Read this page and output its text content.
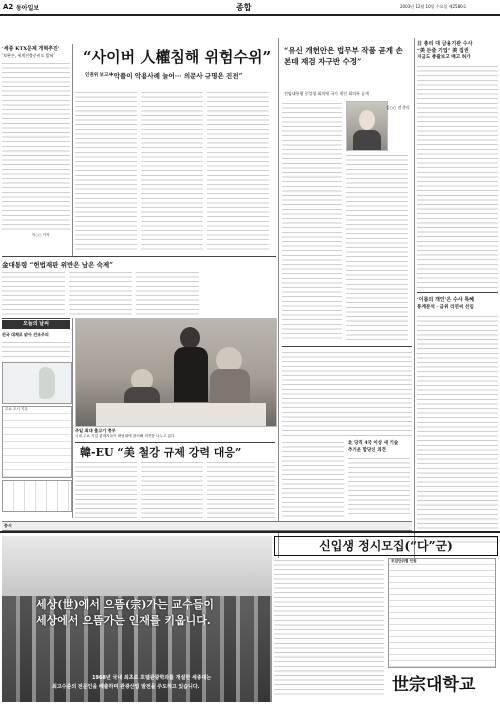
A2 동아일보	종합	2003년 12월 10일 수요일 제2580호
‘세종 KTX문제 개혁추진’
‘보완론, 세계진출준비도 밝혀’
이○○ 기자
“사이버 人權침해 위험수위”
인권위 보고서
“악플이 악용사례 늘어··· 의문사 규명은 진전”
“유신 개헌안은 법무부 작품 곧게 손본데 재검 자구반 수정”
전임대통령 중앙청 회의에 국가 재건 회의록 공개
김○○ 전 총리
日 총리 대 금융기관 수사
“美 돈줄 기업” 美 집권
지금도 총괄보고 배고 허가
‘이름의 개인’은 수사 특혜
통계분석 · 금위 리연씨 선임
金대통령 “헌법재판 위반은 남은 숙제”
오늘의 날씨
전국 대체로 맑아 건조주의
주요 도시 기온
주일 최대 출고기 종무
국내 주요 기업 관계자들이 좌담회에 참석해 의견을 나누고 있다.
韓-EU “美 철강 규제 강력 대응”
北 당직 4국 이상 새 기술
추기운 합당신 의견
증시
세상(世)에서 으뜸(宗)가는 교수들이
세상에서 으뜸가는 인재를 키웁니다.
1968년 국내 최초로 호텔관광학과를 개설한 세종대는
최고수준의 전문인을 배출하며 관광산업 발전을 주도하고 있습니다.
신입생 정시모집(“다”군)
모집단위별 인원
世宗대학교
